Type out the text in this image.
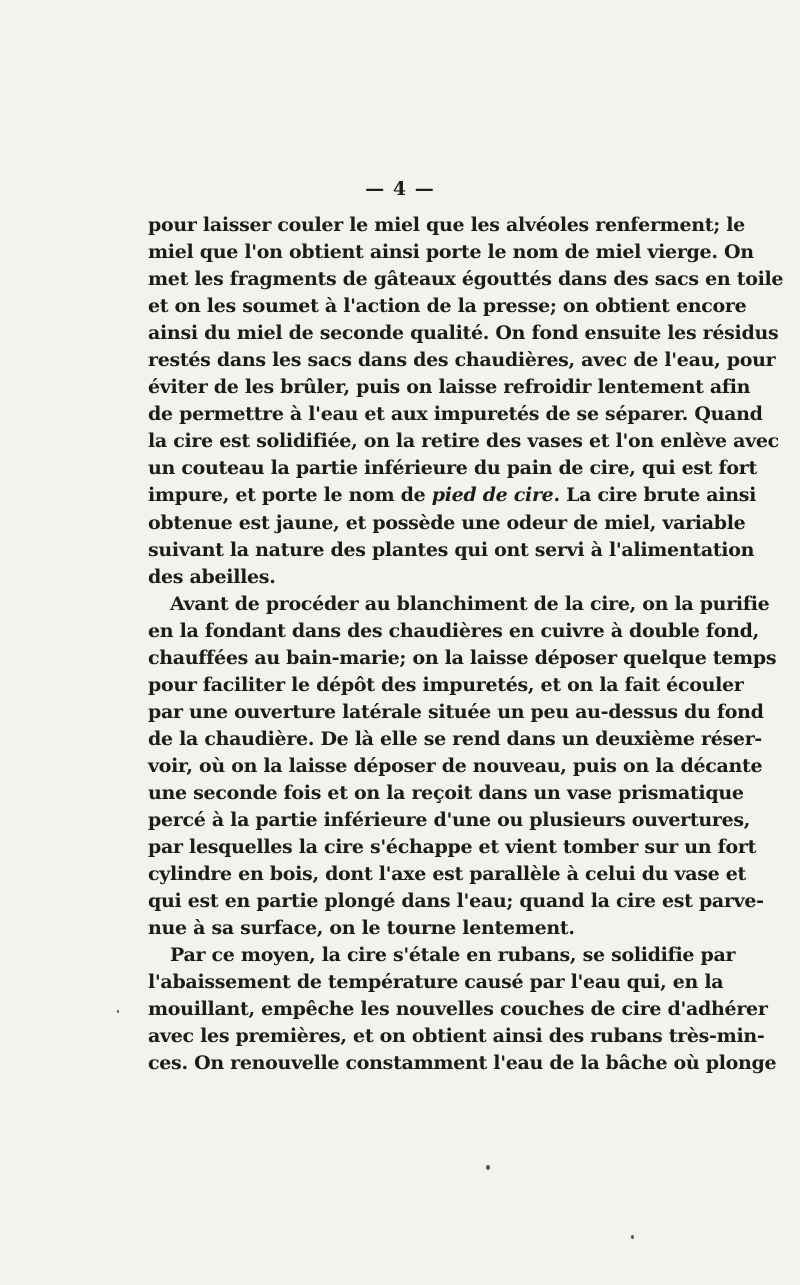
— 4 —
pour laisser couler le miel que les alvéoles renferment; le
miel que l'on obtient ainsi porte le nom de miel vierge. On
met les fragments de gâteaux égouttés dans des sacs en toile
et on les soumet à l'action de la presse; on obtient encore
ainsi du miel de seconde qualité. On fond ensuite les résidus
restés dans les sacs dans des chaudières, avec de l'eau, pour
éviter de les brûler, puis on laisse refroidir lentement afin
de permettre à l'eau et aux impuretés de se séparer. Quand
la cire est solidifiée, on la retire des vases et l'on enlève avec
un couteau la partie inférieure du pain de cire, qui est fort
impure, et porte le nom de pied de cire. La cire brute ainsi
obtenue est jaune, et possède une odeur de miel, variable
suivant la nature des plantes qui ont servi à l'alimentation
des abeilles.
Avant de procéder au blanchiment de la cire, on la purifie
en la fondant dans des chaudières en cuivre à double fond,
chauffées au bain-marie; on la laisse déposer quelque temps
pour faciliter le dépôt des impuretés, et on la fait écouler
par une ouverture latérale située un peu au-dessus du fond
de la chaudière. De là elle se rend dans un deuxième réser-
voir, où on la laisse déposer de nouveau, puis on la décante
une seconde fois et on la reçoit dans un vase prismatique
percé à la partie inférieure d'une ou plusieurs ouvertures,
par lesquelles la cire s'échappe et vient tomber sur un fort
cylindre en bois, dont l'axe est parallèle à celui du vase et
qui est en partie plongé dans l'eau; quand la cire est parve-
nue à sa surface, on le tourne lentement.
Par ce moyen, la cire s'étale en rubans, se solidifie par
l'abaissement de température causé par l'eau qui, en la
mouillant, empêche les nouvelles couches de cire d'adhérer
avec les premières, et on obtient ainsi des rubans très-min-
ces. On renouvelle constamment l'eau de la bâche où plonge
